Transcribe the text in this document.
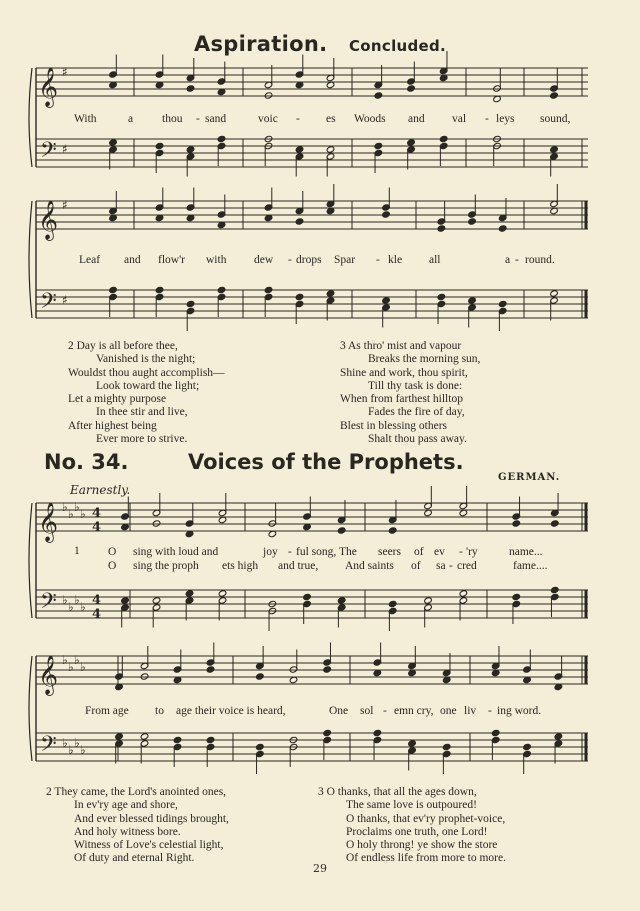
Aspiration. Concluded.
𝄞
𝄢
♯
♯
𝄞
𝄢
♯
♯
𝄞
𝄢
♭
♭
♭
♭
♭
♭
♭
♭
4
4
4
4
𝄞
𝄢
♭
♭
♭
♭
♭
♭
♭
♭
With	a	thou - sand	voic - es Woods and val - leys sound,
Leaf and flow'r with dew - drops Spar - kle all	a - round.
2 Day is all before thee,
Vanished is the night;
Wouldst thou aught accomplish—
Look toward the light;
Let a mighty purpose
In thee stir and live,
After highest being
Ever more to strive.
3 As thro' mist and vapour
Breaks the morning sun,
Shine and work, thou spirit,
Till thy task is done:
When from farthest hilltop
Fades the fire of day,
Blest in blessing others
Shalt thou pass away.
No. 34.	Voices of the Prophets.
GERMAN.
Earnestly.
1 O sing with loud and	joy - ful song, The seers of ev - 'ry	name...
O sing the proph ets high and true, And saints of sa - cred	fame....
From age to age their voice is heard,	One sol - emn cry, one liv - ing word.
2 They came, the Lord's anointed ones,
In ev'ry age and shore,
And ever blessed tidings brought,
And holy witness bore.
Witness of Love's celestial light,
Of duty and eternal Right.
3 O thanks, that all the ages down,
The same love is outpoured!
O thanks, that ev'ry prophet-voice,
Proclaims one truth, one Lord!
O holy throng! ye show the store
Of endless life from more to more.
29
